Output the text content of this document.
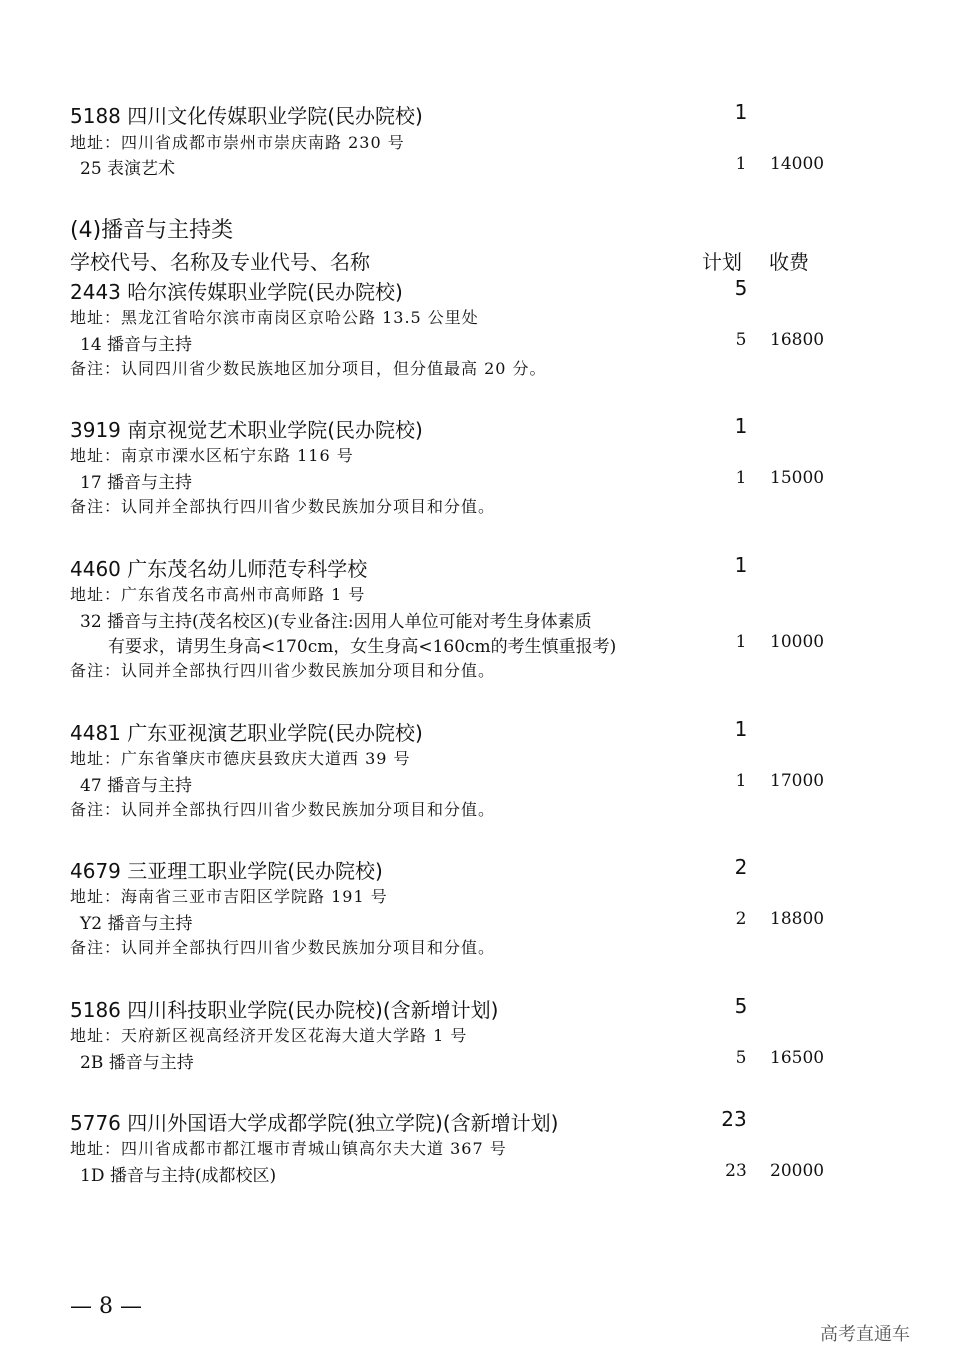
5188 四川文化传媒职业学院(民办院校)	1
地址：四川省成都市崇州市崇庆南路 230 号
25 表演艺术	1	14000
(4)播音与主持类
学校代号、名称及专业代号、名称	计划 收费
2443 哈尔滨传媒职业学院(民办院校)	5
地址：黑龙江省哈尔滨市南岗区京哈公路 13.5 公里处
14 播音与主持	5	16800
备注：认同四川省少数民族地区加分项目，但分值最高 20 分。
3919 南京视觉艺术职业学院(民办院校)	1
地址：南京市溧水区柘宁东路 116 号
17 播音与主持	1	15000
备注：认同并全部执行四川省少数民族加分项目和分值。
4460 广东茂名幼儿师范专科学校	1
地址：广东省茂名市高州市高师路 1 号
32 播音与主持(茂名校区)(专业备注:因用人单位可能对考生身体素质
有要求，请男生身高<170cm，女生身高<160cm的考生慎重报考)	1	10000
备注：认同并全部执行四川省少数民族加分项目和分值。
4481 广东亚视演艺职业学院(民办院校)	1
地址：广东省肇庆市德庆县致庆大道西 39 号
47 播音与主持	1	17000
备注：认同并全部执行四川省少数民族加分项目和分值。
4679 三亚理工职业学院(民办院校)	2
地址：海南省三亚市吉阳区学院路 191 号
Y2 播音与主持	2	18800
备注：认同并全部执行四川省少数民族加分项目和分值。
5186 四川科技职业学院(民办院校)(含新增计划)	5
地址：天府新区视高经济开发区花海大道大学路 1 号
2B 播音与主持	5	16500
5776 四川外国语大学成都学院(独立学院)(含新增计划)	23
地址：四川省成都市都江堰市青城山镇高尔夫大道 367 号
1D 播音与主持(成都校区)	23 20000
— 8 —
高考直通车
